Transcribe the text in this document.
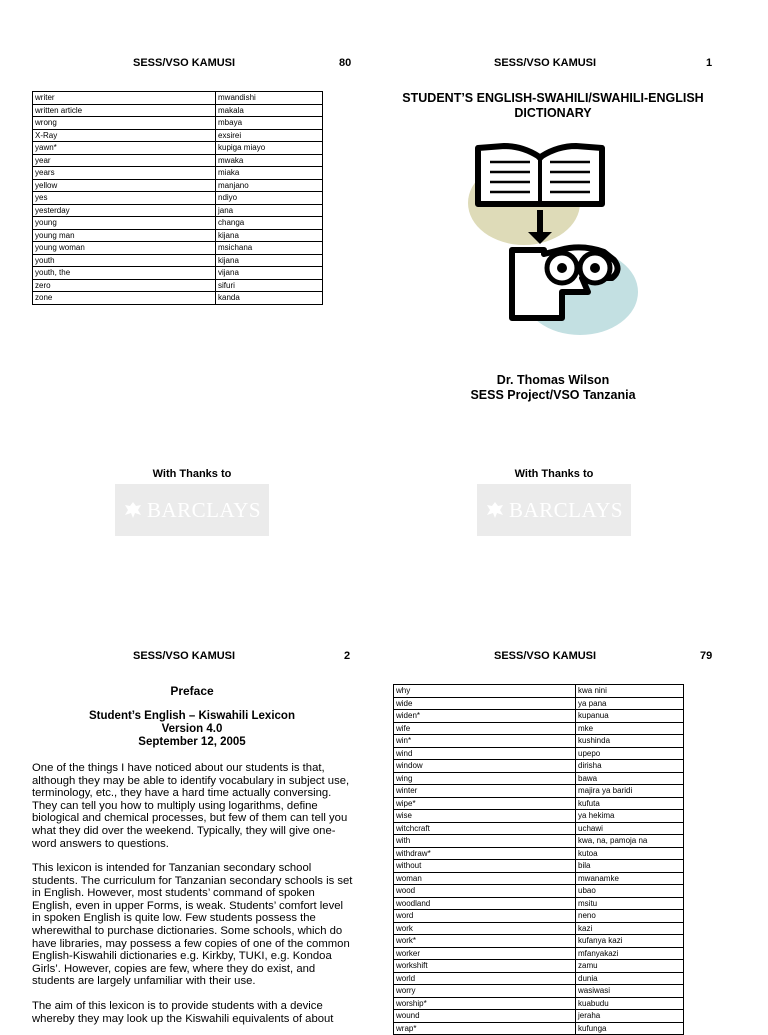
SESS/VSO KAMUSI	80
writer	mwandishi
written article	makala
wrong	mbaya
X-Ray	exsirei
yawn*	kupiga miayo
year	mwaka
years	miaka
yellow	manjano
yes	ndiyo
yesterday	jana
young	changa
young man	kijana
young woman	msichana
youth	kijana
youth, the	vijana
zero	sifuri
zone	kanda
SESS/VSO KAMUSI	1
STUDENT’S ENGLISH-SWAHILI/SWAHILI-ENGLISH
DICTIONARY
Dr. Thomas Wilson
SESS Project/VSO Tanzania
With Thanks to
BARCLAYS
With Thanks to
BARCLAYS
SESS/VSO KAMUSI	2
Preface
Student’s English – Kiswahili Lexicon
Version 4.0
September 12, 2005

One of the things I have noticed about our students is that, although they may be able to identify vocabulary in subject use, terminology, etc., they have a hard time actually conversing. They can tell you how to multiply using logarithms, define biological and chemical processes, but few of them can tell you what they did over the weekend. Typically, they will give one-word answers to questions.

This lexicon is intended for Tanzanian secondary school students. The curriculum for Tanzanian secondary schools is set in English. However, most students’ command of spoken English, even in upper Forms, is weak. Students’ comfort level in spoken English is quite low. Few students possess the wherewithal to purchase dictionaries. Some schools, which do have libraries, may possess a few copies of one of the common English-Kiswahili dictionaries e.g. Kirkby, TUKI, e.g. Kondoa Girls’. However, copies are few, where they do exist, and students are largely unfamiliar with their use.

The aim of this lexicon is to provide students with a device whereby they may look up the Kiswahili equivalents of about

SESS/VSO KAMUSI	79
why	kwa nini
wide	ya pana
widen*	kupanua
wife	mke
win*	kushinda
wind	upepo
window	dirisha
wing	bawa
winter	majira ya baridi
wipe*	kufuta
wise	ya hekima
witchcraft	uchawi
with	kwa, na, pamoja na
withdraw*	kutoa
without	bila
woman	mwanamke
wood	ubao
woodland	msitu
word	neno
work	kazi
work*	kufanya kazi
worker	mfanyakazi
workshift	zamu
world	dunia
worry	wasiwasi
worship*	kuabudu
wound	jeraha
wrap*	kufunga
